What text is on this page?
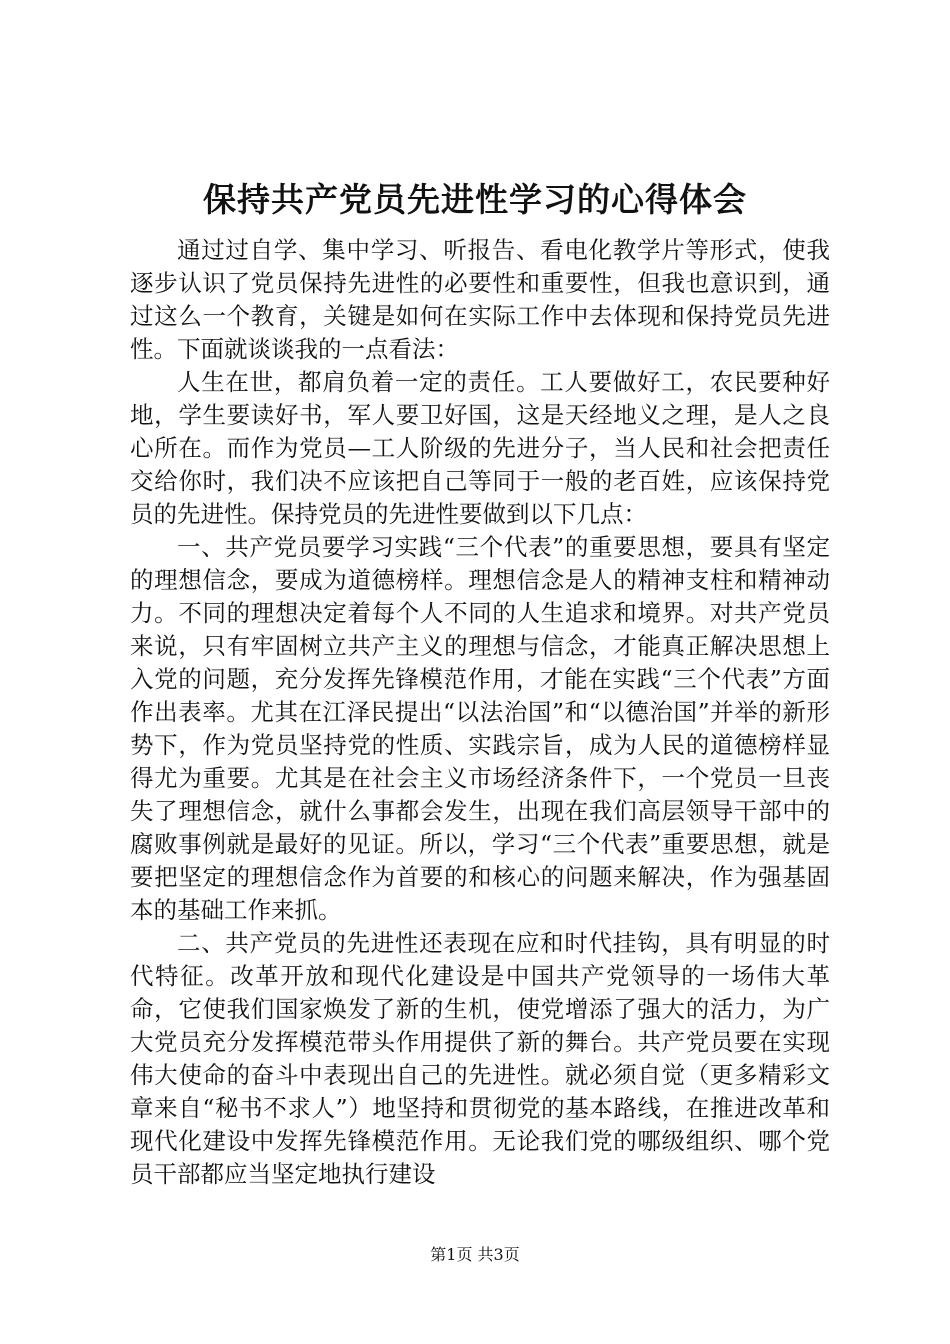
保持共产党员先进性学习的心得体会

通过过自学、集中学习、听报告、看电化教学片等形式，使我逐步认识了党员保持先进性的必要性和重要性，但我也意识到，通过这么一个教育，关键是如何在实际工作中去体现和保持党员先进性。下面就谈谈我的一点看法：

人生在世，都肩负着一定的责任。工人要做好工，农民要种好地，学生要读好书，军人要卫好国，这是天经地义之理，是人之良心所在。而作为党员—工人阶级的先进分子，当人民和社会把责任交给你时，我们决不应该把自己等同于一般的老百姓，应该保持党员的先进性。保持党员的先进性要做到以下几点：

一、共产党员要学习实践“三个代表”的重要思想，要具有坚定的理想信念，要成为道德榜样。理想信念是人的精神支柱和精神动力。不同的理想决定着每个人不同的人生追求和境界。对共产党员来说，只有牢固树立共产主义的理想与信念，才能真正解决思想上入党的问题，充分发挥先锋模范作用，才能在实践“三个代表”方面作出表率。尤其在江泽民提出“以法治国”和“以德治国”并举的新形势下，作为党员坚持党的性质、实践宗旨，成为人民的道德榜样显得尤为重要。尤其是在社会主义市场经济条件下，一个党员一旦丧失了理想信念，就什么事都会发生，出现在我们高层领导干部中的腐败事例就是最好的见证。所以，学习“三个代表”重要思想，就是要把坚定的理想信念作为首要的和核心的问题来解决，作为强基固本的基础工作来抓。

二、共产党员的先进性还表现在应和时代挂钩，具有明显的时代特征。改革开放和现代化建设是中国共产党领导的一场伟大革命，它使我们国家焕发了新的生机，使党增添了强大的活力，为广大党员充分发挥模范带头作用提供了新的舞台。共产党员要在实现伟大使命的奋斗中表现出自己的先进性。就必须自觉（更多精彩文章来自“秘书不求人”）地坚持和贯彻党的基本路线，在推进改革和现代化建设中发挥先锋模范作用。无论我们党的哪级组织、哪个党员干部都应当坚定地执行建设

第1页 共3页
